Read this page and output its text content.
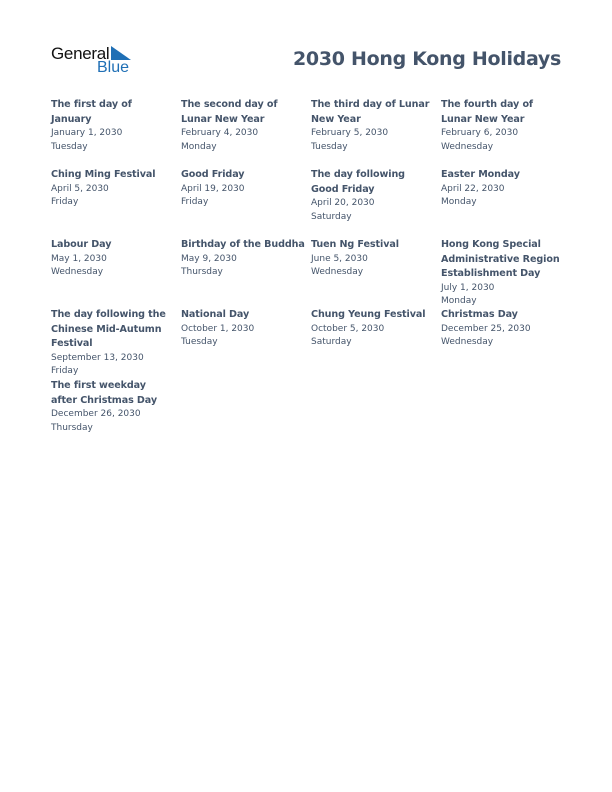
General
Blue	2030 Hong Kong Holidays
The first day of January
January 1, 2030
Tuesday
The second day of Lunar New Year
February 4, 2030
Monday
The third day of Lunar New Year
February 5, 2030
Tuesday
The fourth day of Lunar New Year
February 6, 2030
Wednesday
Ching Ming Festival
April 5, 2030
Friday
Good Friday
April 19, 2030
Friday
The day following Good Friday
April 20, 2030
Saturday
Easter Monday
April 22, 2030
Monday
Labour Day
May 1, 2030
Wednesday
Birthday of the Buddha
May 9, 2030
Thursday
Tuen Ng Festival
June 5, 2030
Wednesday
Hong Kong Special Administrative Region Establishment Day
July 1, 2030
Monday
The day following the Chinese Mid-Autumn Festival
September 13, 2030
Friday
National Day
October 1, 2030
Tuesday
Chung Yeung Festival
October 5, 2030
Saturday
Christmas Day
December 25, 2030
Wednesday
The first weekday after Christmas Day
December 26, 2030
Thursday
